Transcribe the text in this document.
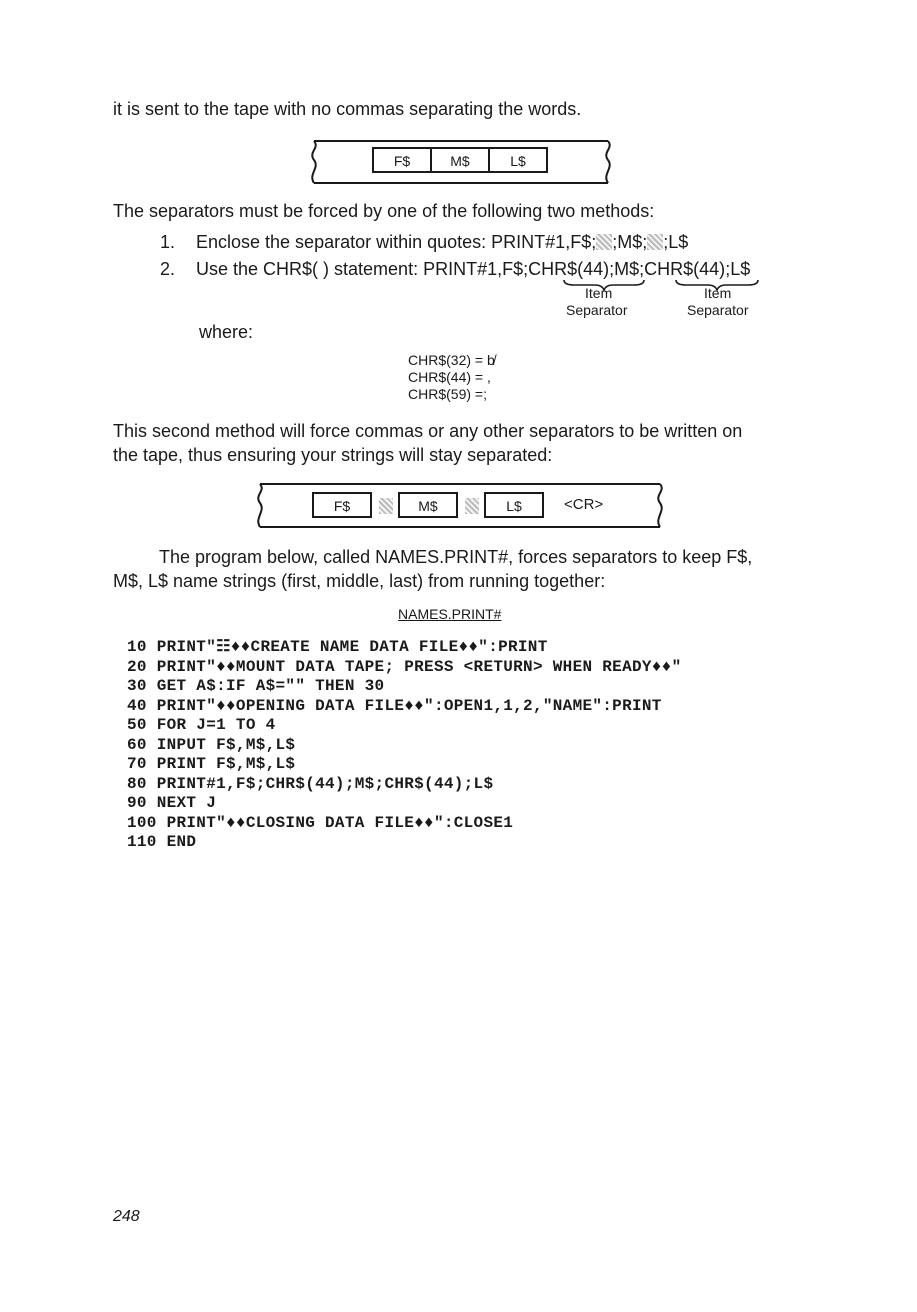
it is sent to the tape with no commas separating the words.
F$	M$	L$
The separators must be forced by one of the following two methods:
1. Enclose the separator within quotes: PRINT#1,F$; ;M$; ;L$
2. Use the CHR$( ) statement: PRINT#1,F$;CHR$(44);M$;CHR$(44);L$
Item
Separator
Item
Separator
where:
CHR$(32) = b̸
CHR$(44) = ,
CHR$(59) =;
This second method will force commas or any other separators to be written on
the tape, thus ensuring your strings will stay separated:
F$	M$	L$	<CR>
The program below, called NAMES.PRINT#, forces separators to keep F$,
M$, L$ name strings (first, middle, last) from running together:
NAMES.PRINT#
10 PRINT"☷♦♦CREATE NAME DATA FILE♦♦":PRINT
20 PRINT"♦♦MOUNT DATA TAPE; PRESS <RETURN> WHEN READY♦♦"
30 GET A$:IF A$="" THEN 30
40 PRINT"♦♦OPENING DATA FILE♦♦":OPEN1,1,2,"NAME":PRINT
50 FOR J=1 TO 4
60 INPUT F$,M$,L$
70 PRINT F$,M$,L$
80 PRINT#1,F$;CHR$(44);M$;CHR$(44);L$
90 NEXT J
100 PRINT"♦♦CLOSING DATA FILE♦♦":CLOSE1
110 END
248
